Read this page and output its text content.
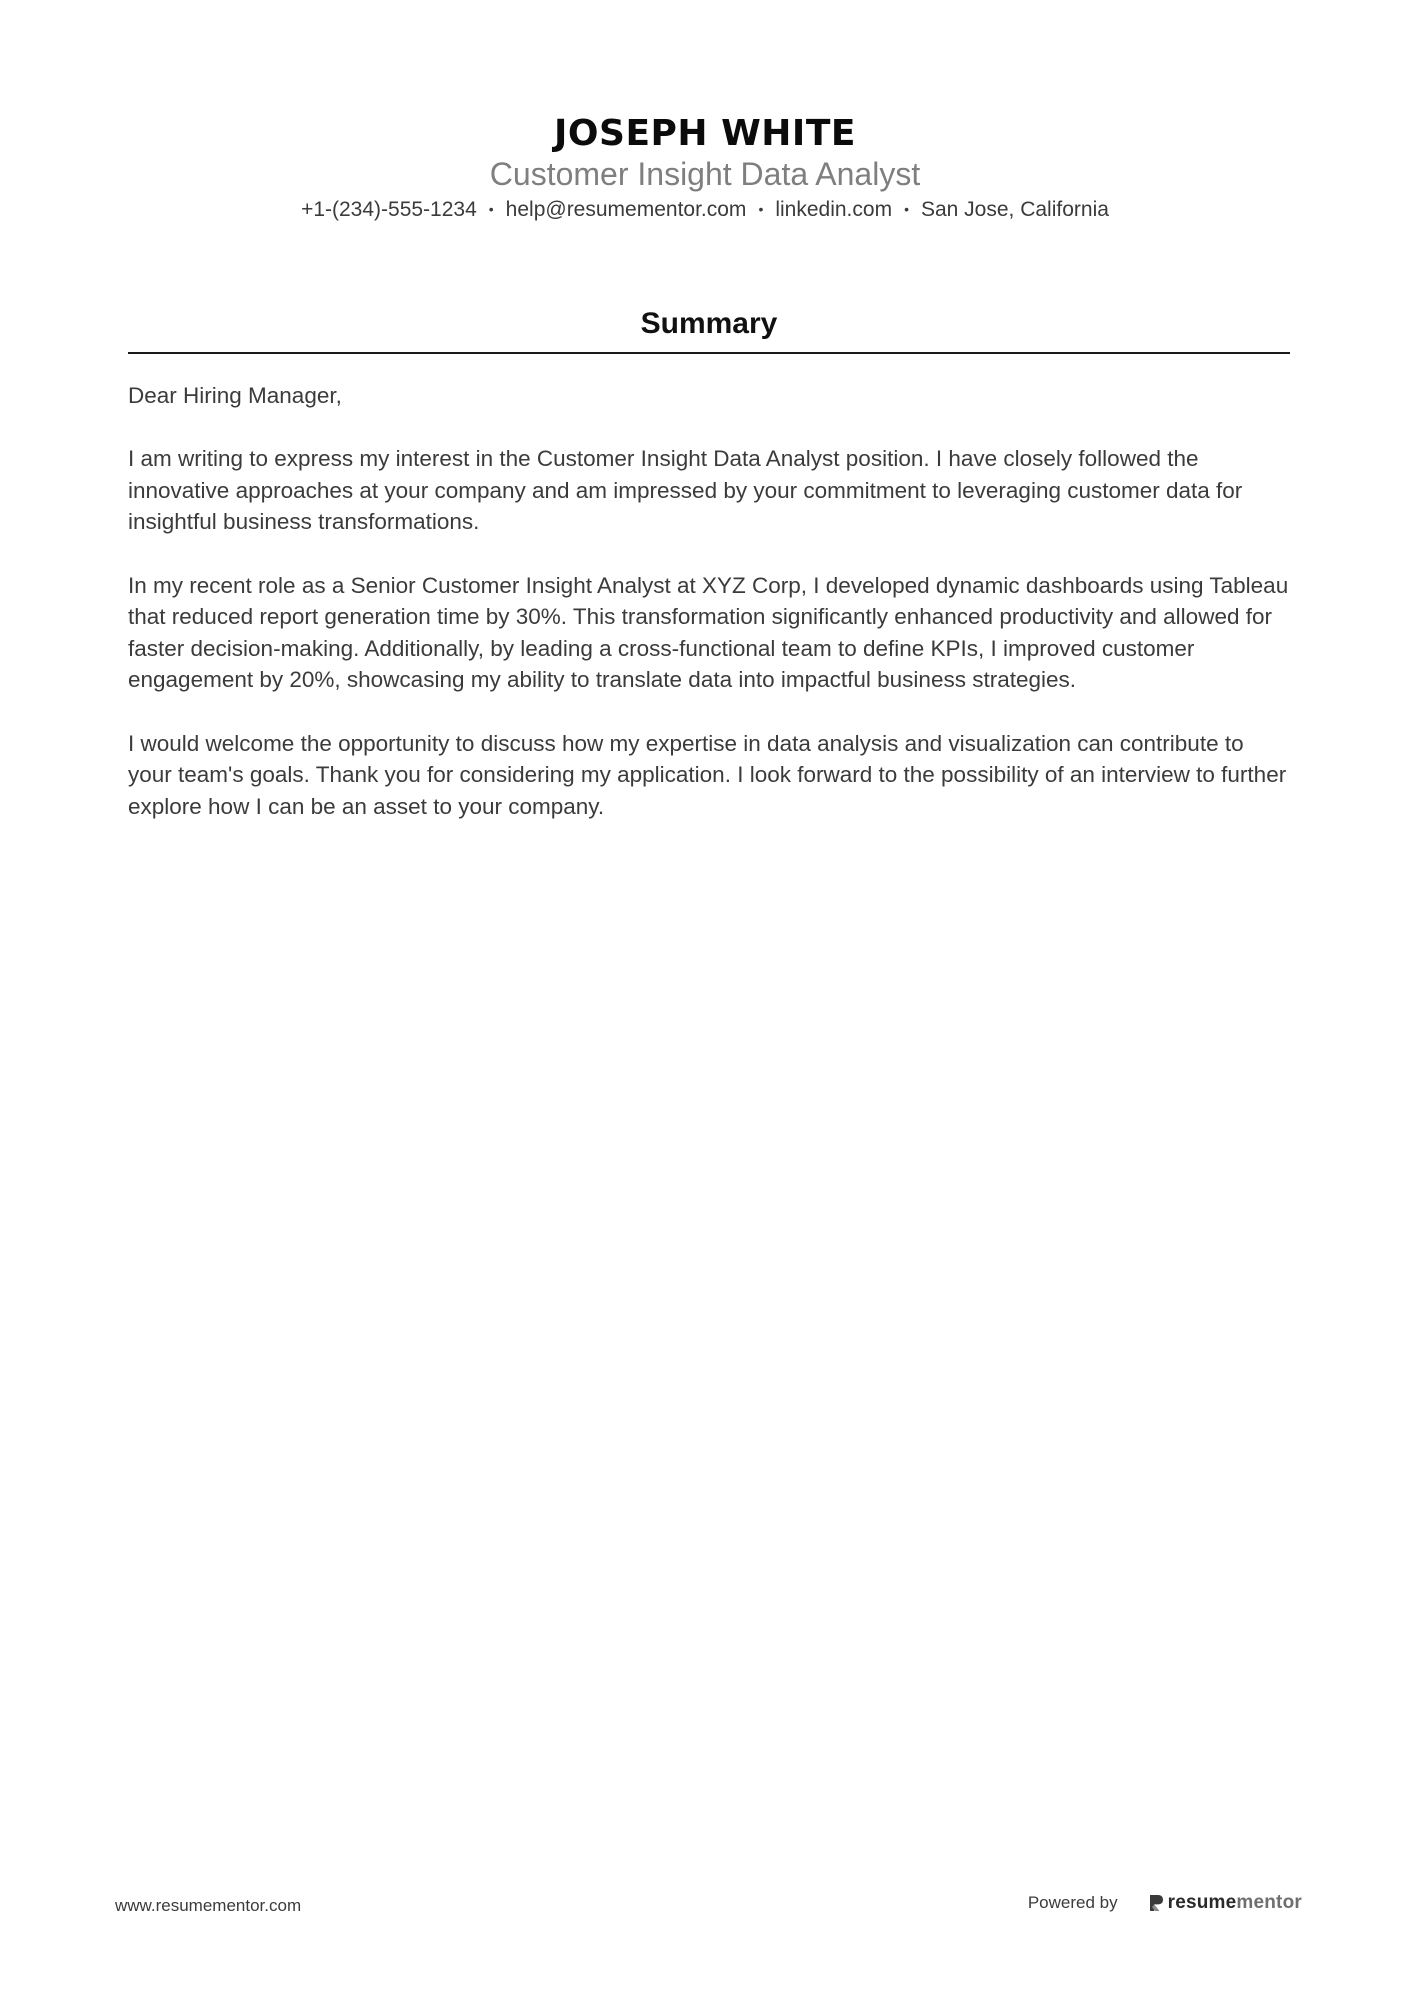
JOSEPH WHITE
Customer Insight Data Analyst
+1-(234)-555-1234 • help@resumementor.com • linkedin.com • San Jose, California
Summary

Dear Hiring Manager,

I am writing to express my interest in the Customer Insight Data Analyst position. I have closely followed the innovative approaches at your company and am impressed by your commitment to leveraging customer data for insightful business transformations.

In my recent role as a Senior Customer Insight Analyst at XYZ Corp, I developed dynamic dashboards using Tableau that reduced report generation time by 30%. This transformation significantly enhanced productivity and allowed for faster decision-making. Additionally, by leading a cross-functional team to define KPIs, I improved customer engagement by 20%, showcasing my ability to translate data into impactful business strategies.

I would welcome the opportunity to discuss how my expertise in data analysis and visualization can contribute to your team's goals. Thank you for considering my application. I look forward to the possibility of an interview to further explore how I can be an asset to your company.

www.resumementor.com	Powered by	resume mentor
